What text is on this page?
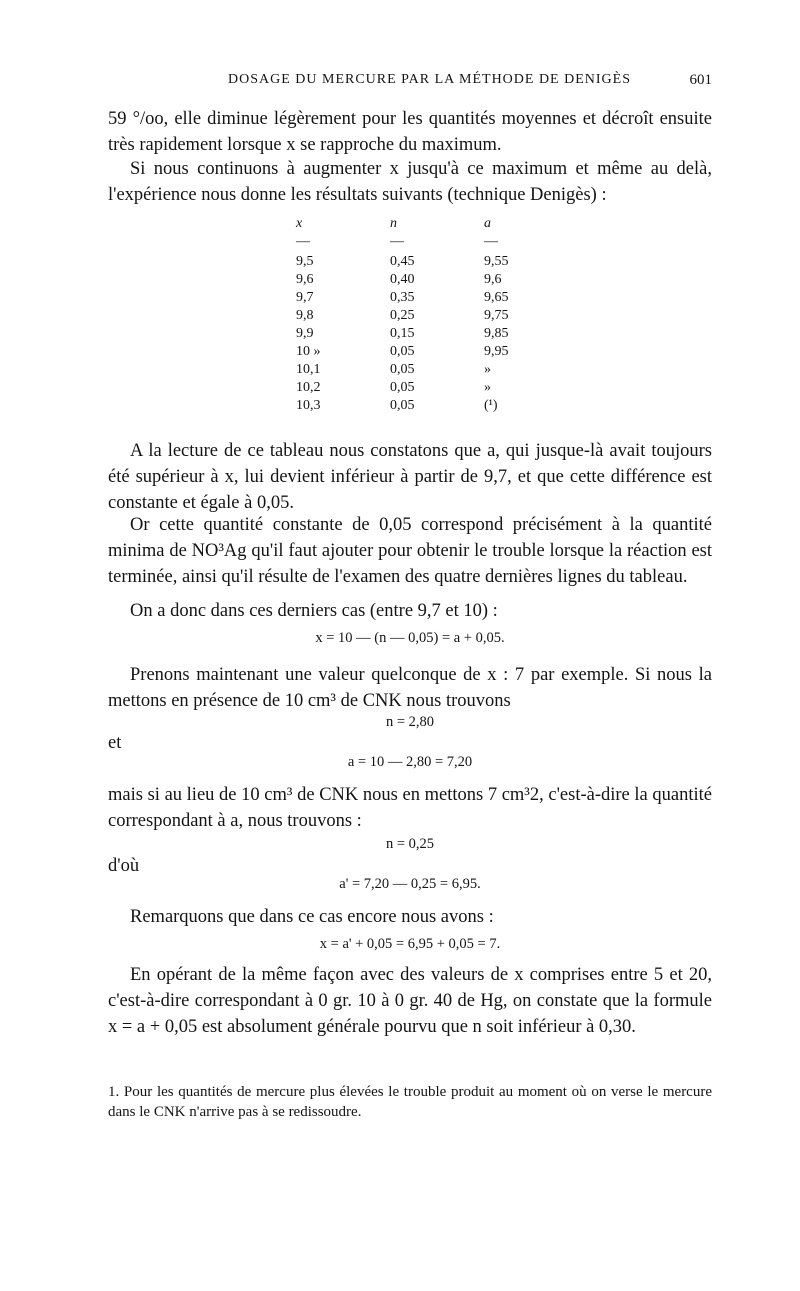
DOSAGE DU MERCURE PAR LA MÉTHODE DE DENIGÈS	601

59 °/oo, elle diminue légèrement pour les quantités moyennes et décroît ensuite très rapidement lorsque x se rapproche du maximum.

Si nous continuons à augmenter x jusqu'à ce maximum et même au delà, l'expérience nous donne les résultats suivants (technique Denigès) :

x	n	a
—	—	—
9,5	0,45	9,55
9,6	0,40	9,6
9,7	0,35	9,65
9,8	0,25	9,75
9,9	0,15	9,85
10 »	0,05	9,95
10,1	0,05	»
10,2	0,05	»
10,3	0,05	(¹)

A la lecture de ce tableau nous constatons que a, qui jusque-là avait toujours été supérieur à x, lui devient inférieur à partir de 9,7, et que cette différence est constante et égale à 0,05.

Or cette quantité constante de 0,05 correspond précisément à la quantité minima de NO³Ag qu'il faut ajouter pour obtenir le trouble lorsque la réaction est terminée, ainsi qu'il résulte de l'examen des quatre dernières lignes du tableau.

On a donc dans ces derniers cas (entre 9,7 et 10) :

x = 10 — (n — 0,05) = a + 0,05.

Prenons maintenant une valeur quelconque de x : 7 par exemple. Si nous la mettons en présence de 10 cm³ de CNK nous trouvons

n = 2,80
et
a = 10 — 2,80 = 7,20

mais si au lieu de 10 cm³ de CNK nous en mettons 7 cm³2, c'est-à-dire la quantité correspondant à a, nous trouvons :

n = 0,25
d'où
a' = 7,20 — 0,25 = 6,95.

Remarquons que dans ce cas encore nous avons :

x = a' + 0,05 = 6,95 + 0,05 = 7.

En opérant de la même façon avec des valeurs de x comprises entre 5 et 20, c'est-à-dire correspondant à 0 gr. 10 à 0 gr. 40 de Hg, on constate que la formule x = a + 0,05 est absolument générale pourvu que n soit inférieur à 0,30.

1. Pour les quantités de mercure plus élevées le trouble produit au moment où on verse le mercure dans le CNK n'arrive pas à se redissoudre.
